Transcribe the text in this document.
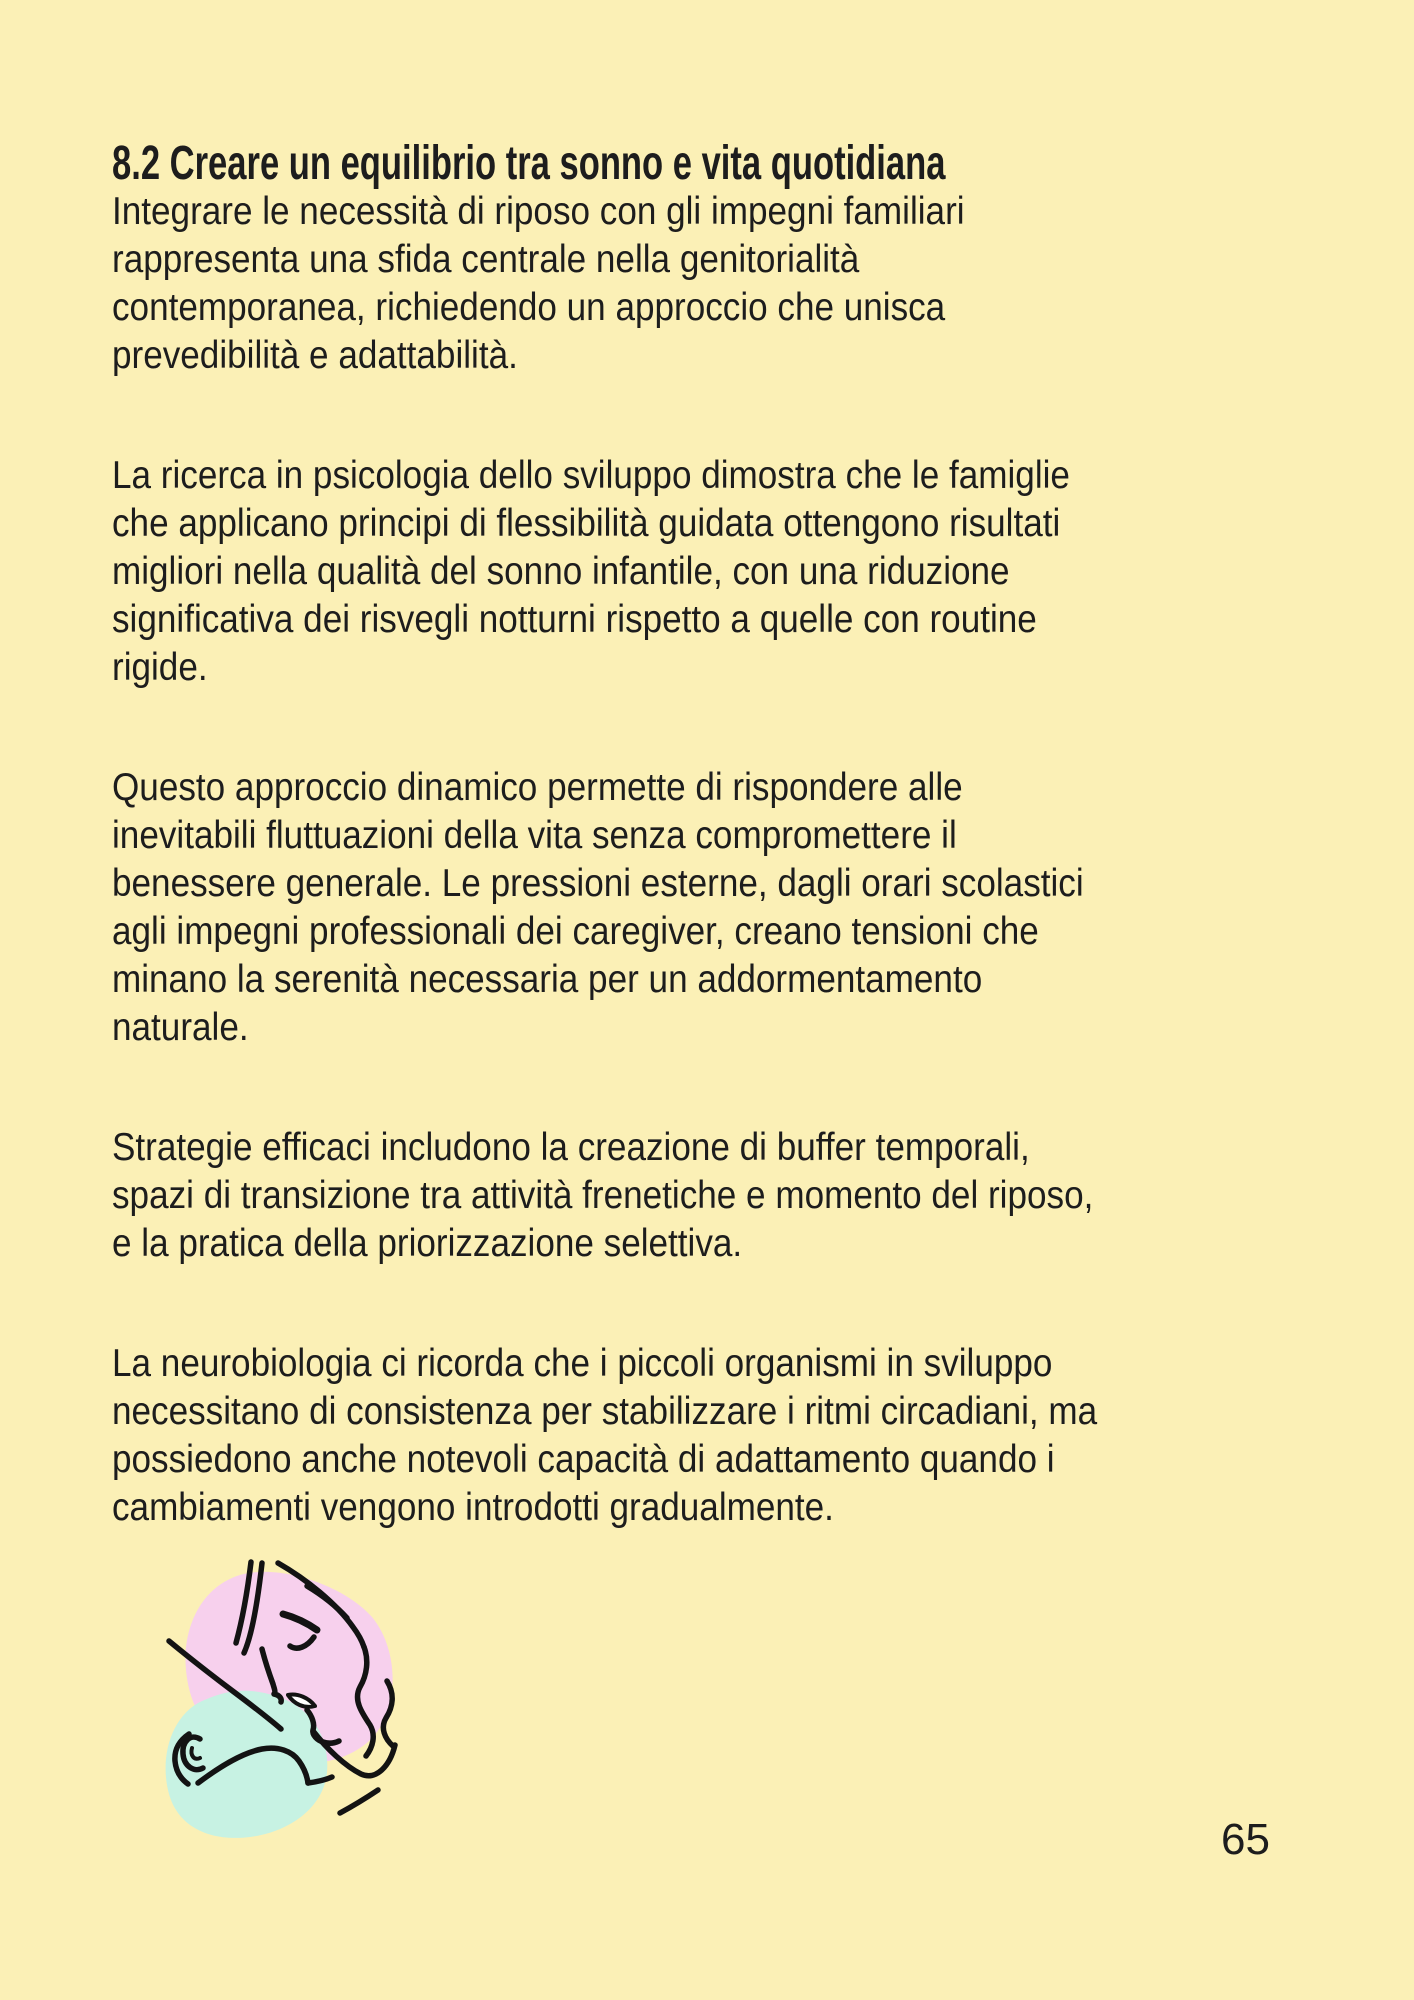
8.2 Creare un equilibrio tra sonno e vita quotidiana
Integrare le necessità di riposo con gli impegni familiari
rappresenta una sfida centrale nella genitorialità
contemporanea, richiedendo un approccio che unisca
prevedibilità e adattabilità.
La ricerca in psicologia dello sviluppo dimostra che le famiglie
che applicano principi di flessibilità guidata ottengono risultati
migliori nella qualità del sonno infantile, con una riduzione
significativa dei risvegli notturni rispetto a quelle con routine
rigide.
Questo approccio dinamico permette di rispondere alle
inevitabili fluttuazioni della vita senza compromettere il
benessere generale. Le pressioni esterne, dagli orari scolastici
agli impegni professionali dei caregiver, creano tensioni che
minano la serenità necessaria per un addormentamento
naturale.
Strategie efficaci includono la creazione di buffer temporali,
spazi di transizione tra attività frenetiche e momento del riposo,
e la pratica della priorizzazione selettiva.
La neurobiologia ci ricorda che i piccoli organismi in sviluppo
necessitano di consistenza per stabilizzare i ritmi circadiani, ma
possiedono anche notevoli capacità di adattamento quando i
cambiamenti vengono introdotti gradualmente.
65
